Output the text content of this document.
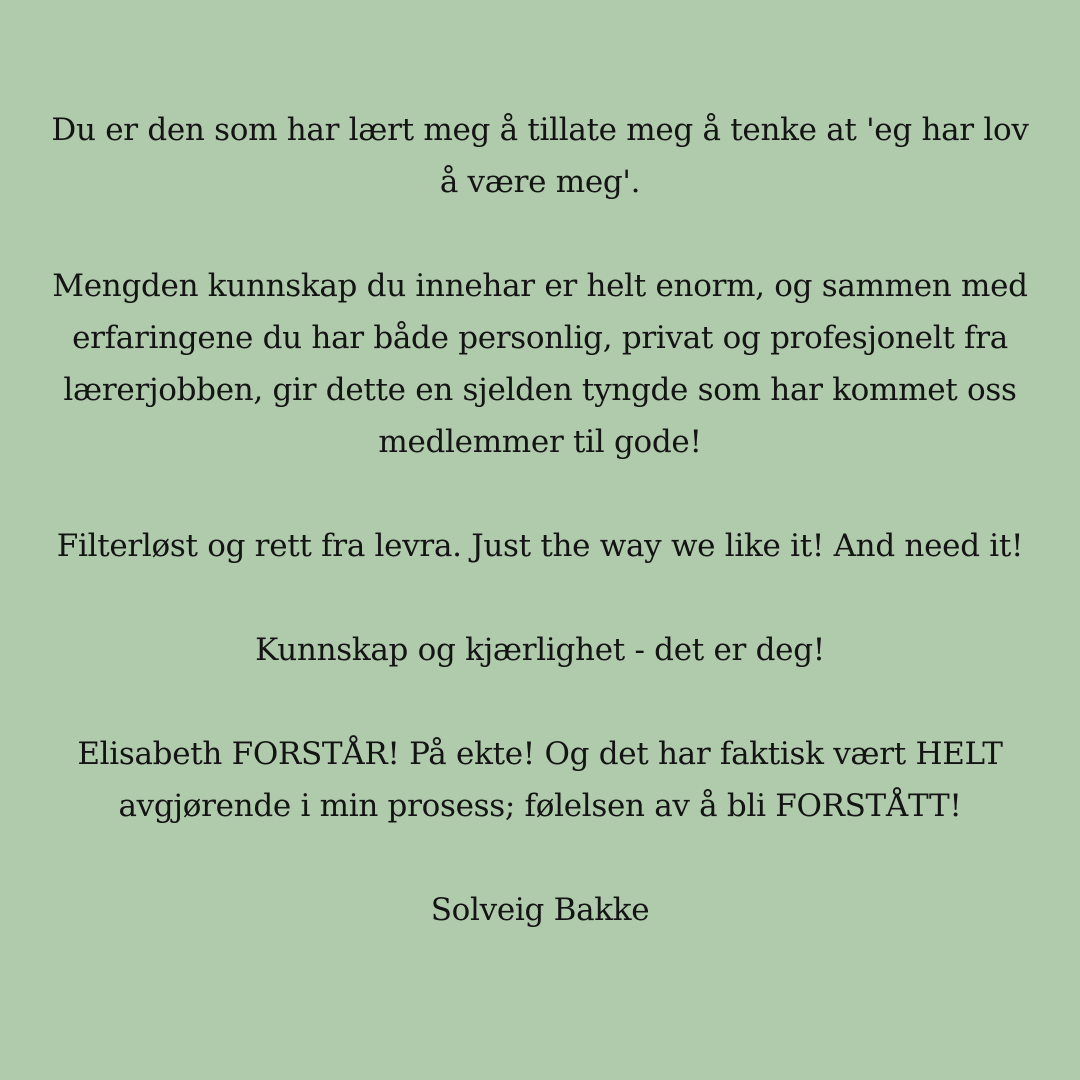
Du er den som har lært meg å tillate meg å tenke at 'eg har lov å være meg'.

Mengden kunnskap du innehar er helt enorm, og sammen med erfaringene du har både personlig, privat og profesjonelt fra lærerjobben, gir dette en sjelden tyngde som har kommet oss medlemmer til gode!

Filterløst og rett fra levra. Just the way we like it! And need it!

Kunnskap og kjærlighet - det er deg!

Elisabeth FORSTÅR! På ekte! Og det har faktisk vært HELT avgjørende i min prosess; følelsen av å bli FORSTÅTT!

Solveig Bakke
